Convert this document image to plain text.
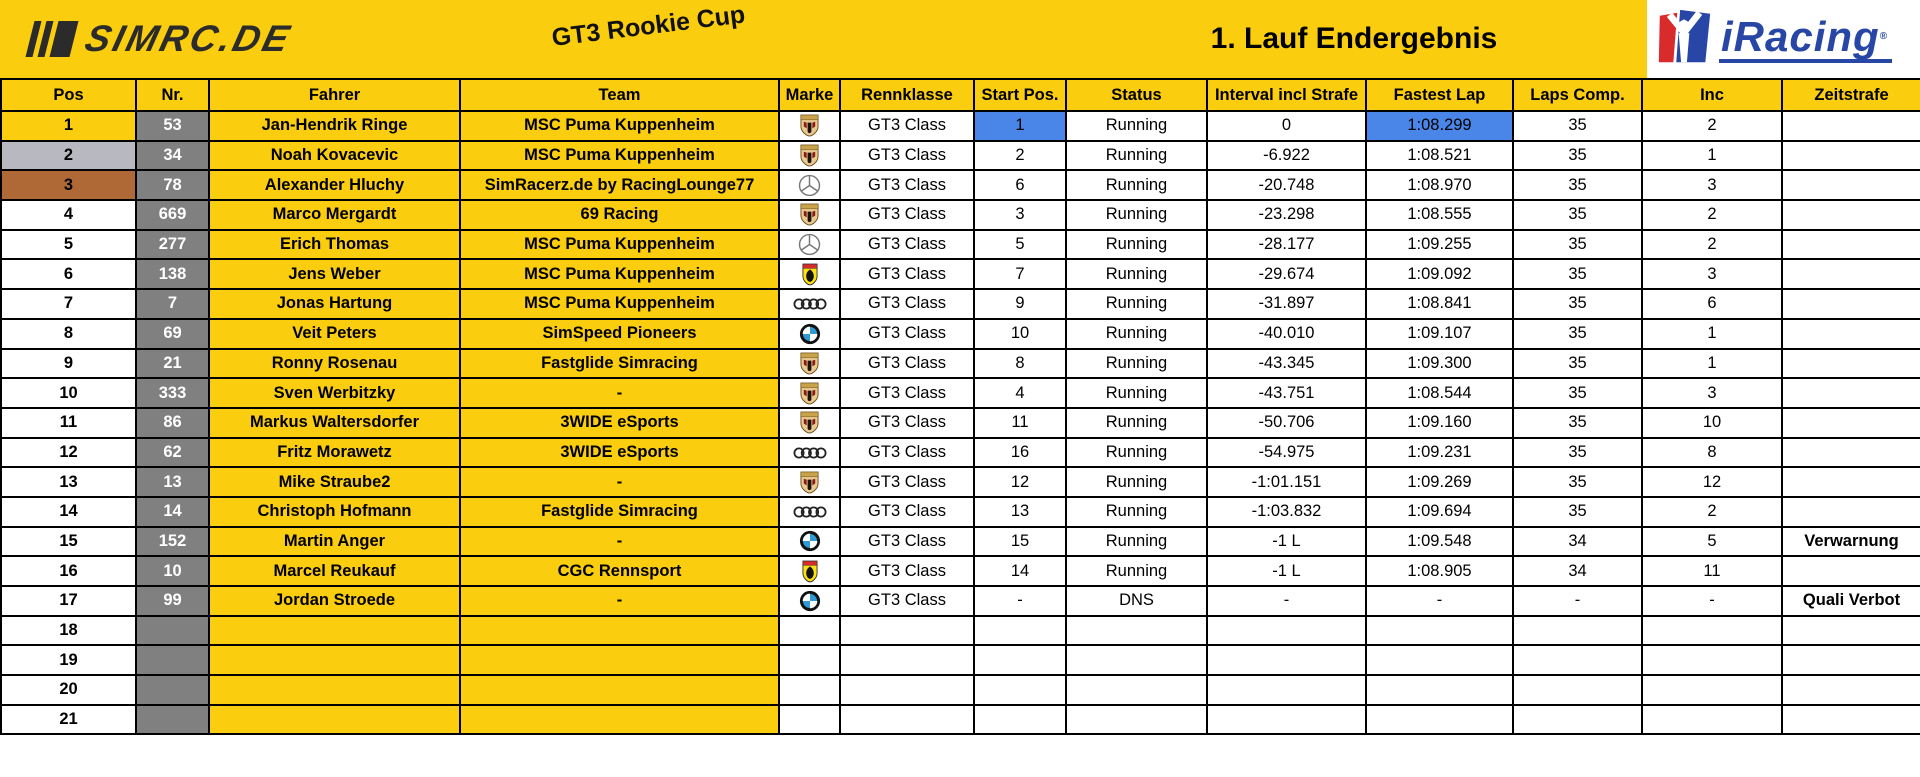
SIMRC.DE	GT3 Rookie Cup	1. Lauf Endergebnis	iRacing®
Pos	Nr.	Fahrer	Team	Marke	Rennklasse	Start Pos.	Status	Interval incl Strafe	Fastest Lap	Laps Comp.	Inc	Zeitstrafe
1	53	Jan-Hendrik Ringe	MSC Puma Kuppenheim		GT3 Class	1	Running	0	1:08.299	35	2	
2	34	Noah Kovacevic	MSC Puma Kuppenheim		GT3 Class	2	Running	-6.922	1:08.521	35	1	
3	78	Alexander Hluchy	SimRacerz.de by RacingLounge77		GT3 Class	6	Running	-20.748	1:08.970	35	3	
4	669	Marco Mergardt	69 Racing		GT3 Class	3	Running	-23.298	1:08.555	35	2	
5	277	Erich Thomas	MSC Puma Kuppenheim		GT3 Class	5	Running	-28.177	1:09.255	35	2	
6	138	Jens Weber	MSC Puma Kuppenheim		GT3 Class	7	Running	-29.674	1:09.092	35	3	
7	7	Jonas Hartung	MSC Puma Kuppenheim		GT3 Class	9	Running	-31.897	1:08.841	35	6	
8	69	Veit Peters	SimSpeed Pioneers		GT3 Class	10	Running	-40.010	1:09.107	35	1	
9	21	Ronny Rosenau	Fastglide Simracing		GT3 Class	8	Running	-43.345	1:09.300	35	1	
10	333	Sven Werbitzky	-		GT3 Class	4	Running	-43.751	1:08.544	35	3	
11	86	Markus Waltersdorfer	3WIDE eSports		GT3 Class	11	Running	-50.706	1:09.160	35	10	
12	62	Fritz Morawetz	3WIDE eSports		GT3 Class	16	Running	-54.975	1:09.231	35	8	
13	13	Mike Straube2	-		GT3 Class	12	Running	-1:01.151	1:09.269	35	12	
14	14	Christoph Hofmann	Fastglide Simracing		GT3 Class	13	Running	-1:03.832	1:09.694	35	2	
15	152	Martin Anger	-		GT3 Class	15	Running	-1 L	1:09.548	34	5	Verwarnung
16	10	Marcel Reukauf	CGC Rennsport		GT3 Class	14	Running	-1 L	1:08.905	34	11	
17	99	Jordan Stroede	-		GT3 Class	-	DNS	-	-	-	-	Quali Verbot
18												
19												
20												
21												
